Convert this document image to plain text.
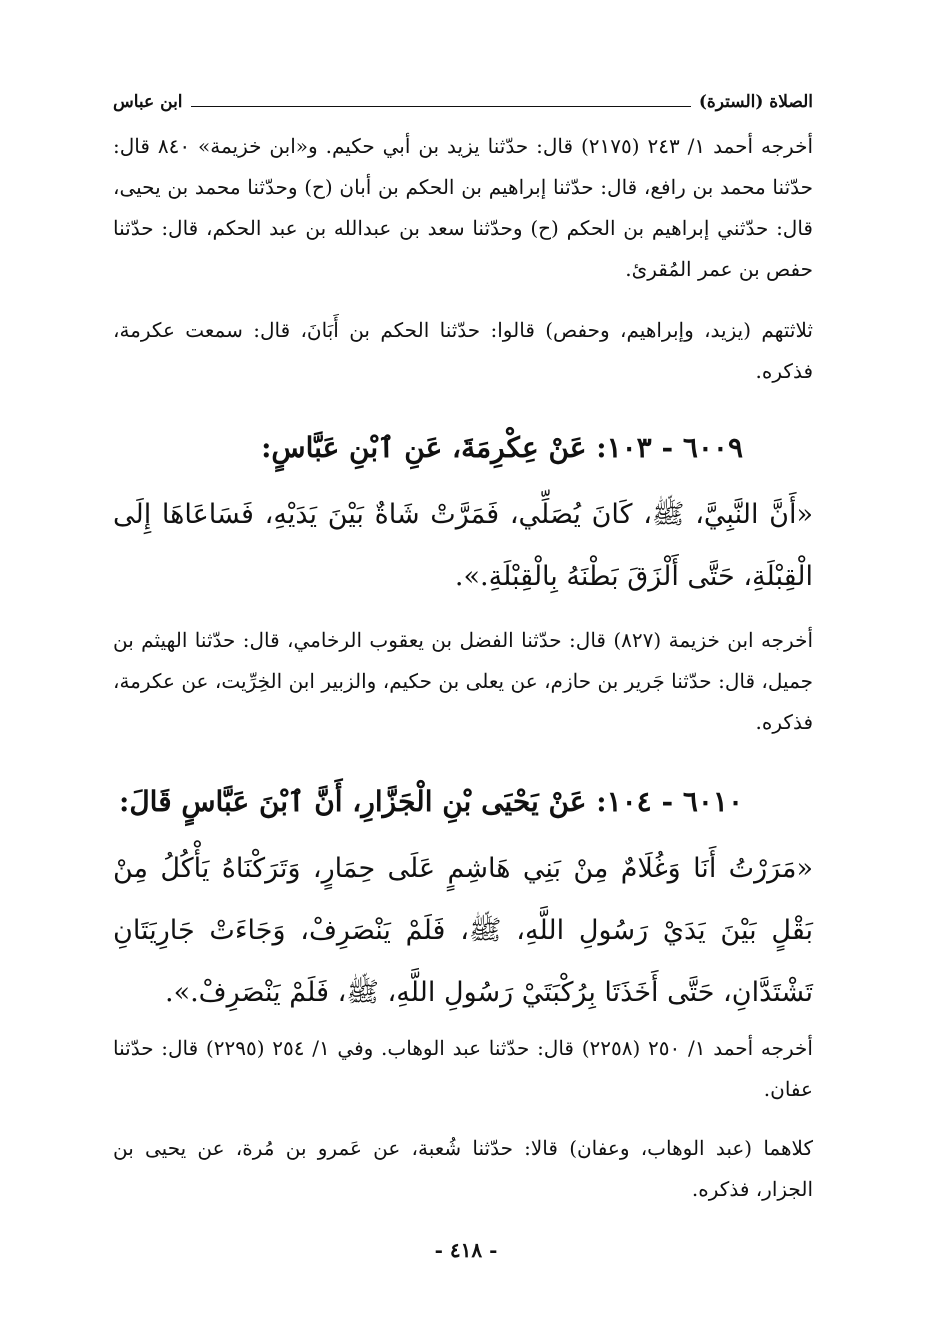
الصلاة (السترة)
ابن عباس

أخرجه أحمد ١/ ٢٤٣ (٢١٧٥) قال: حدّثنا يزيد بن أبي حكيم. و«ابن خزيمة» ٨٤٠ قال: حدّثنا محمد بن رافع، قال: حدّثنا إبراهيم بن الحكم بن أبان (ح) وحدّثنا محمد بن يحيى، قال: حدّثني إبراهيم بن الحكم (ح) وحدّثنا سعد بن عبدالله بن عبد الحكم، قال: حدّثنا حفص بن عمر المُقرئ.

ثلاثتهم (يزيد، وإبراهيم، وحفص) قالوا: حدّثنا الحكم بن أَبَانَ، قال: سمعت عكرمة، فذكره.

٦٠٠٩ - ١٠٣: عَنْ عِكْرِمَةَ، عَنِ ٱبْنِ عَبَّاسٍ:

«أَنَّ النَّبِيَّ، ﷺ، كَانَ يُصَلِّي، فَمَرَّتْ شَاةٌ بَيْنَ يَدَيْهِ، فَسَاعَاهَا إِلَى الْقِبْلَةِ، حَتَّى أَلْزَقَ بَطْنَهُ بِالْقِبْلَةِ.».

أخرجه ابن خزيمة (٨٢٧) قال: حدّثنا الفضل بن يعقوب الرخامي، قال: حدّثنا الهيثم بن جميل، قال: حدّثنا جَرير بن حازم، عن يعلى بن حكيم، والزبير ابن الخِرِّيت، عن عكرمة، فذكره.

٦٠١٠ - ١٠٤: عَنْ يَحْيَى بْنِ الْجَزَّارِ، أَنَّ ٱبْنَ عَبَّاسٍ قَالَ:

«مَرَرْتُ أَنَا وَغُلَامٌ مِنْ بَنِي هَاشِمٍ عَلَى حِمَارٍ، وَتَرَكْنَاهُ يَأْكُلُ مِنْ بَقْلٍ بَيْنَ يَدَيْ رَسُولِ اللَّهِ، ﷺ، فَلَمْ يَنْصَرِفْ، وَجَاءَتْ جَارِيَتَانِ تَشْتَدَّانِ، حَتَّى أَخَذَتَا بِرُكْبَتَيْ رَسُولِ اللَّهِ، ﷺ، فَلَمْ يَنْصَرِفْ.».

أخرجه أحمد ١/ ٢٥٠ (٢٢٥٨) قال: حدّثنا عبد الوهاب. وفي ١/ ٢٥٤ (٢٢٩٥) قال: حدّثنا عفان.

كلاهما (عبد الوهاب، وعفان) قالا: حدّثنا شُعبة، عن عَمرو بن مُرة، عن يحيى بن الجزار، فذكره.

- ٤١٨ -
